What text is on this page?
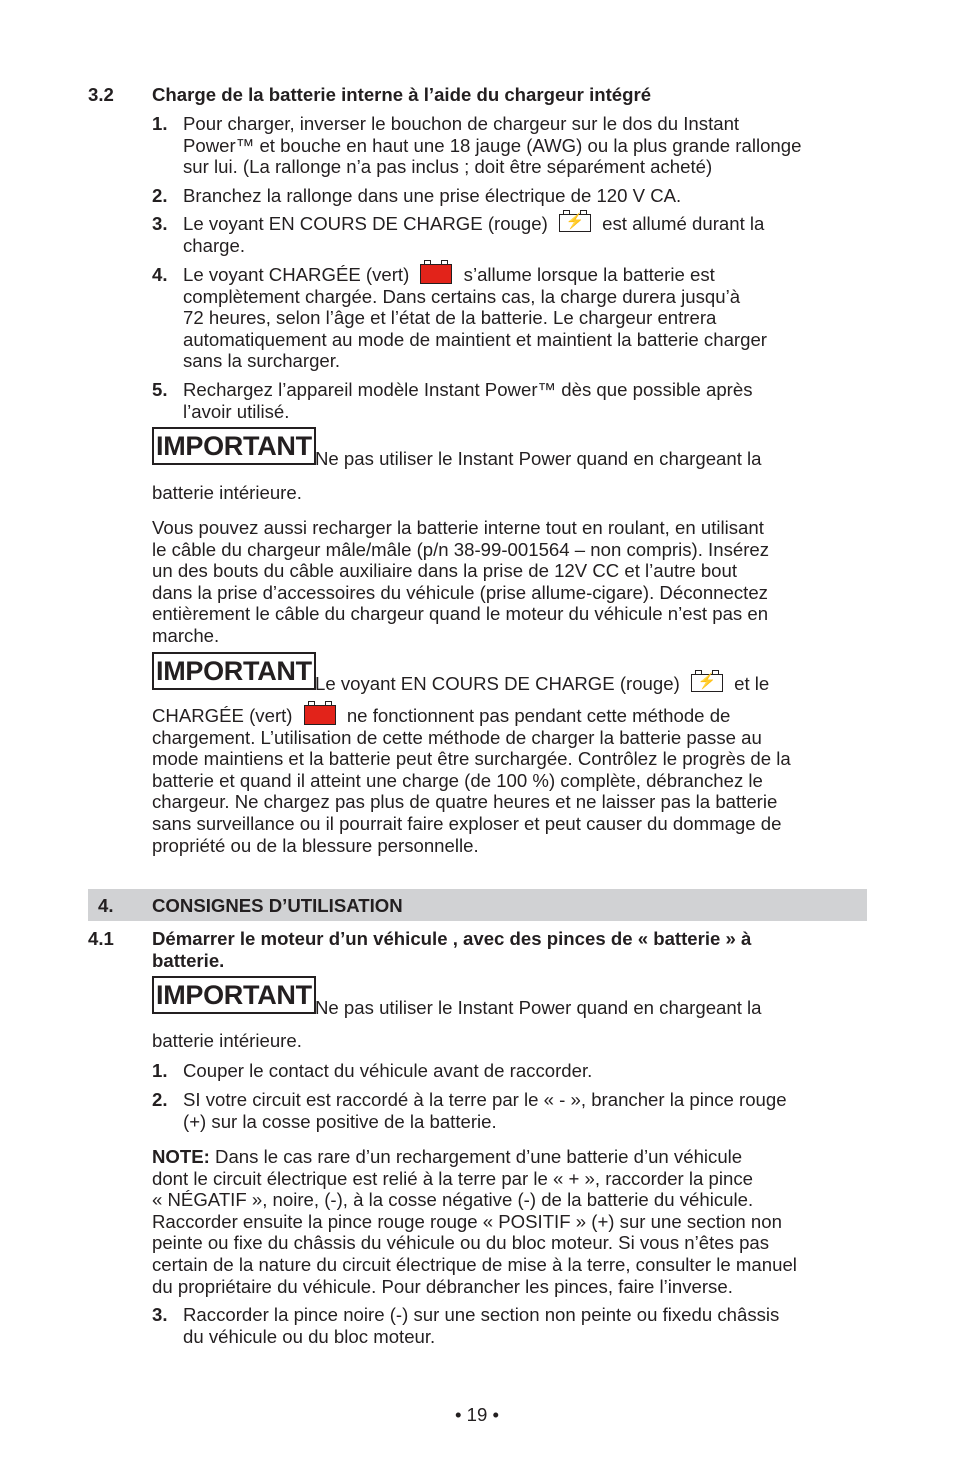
3.2 Charge de la batterie interne à l’aide du chargeur intégré
1. Pour charger, inverser le bouchon de chargeur sur le dos du Instant
Power™ et bouche en haut une 18 jauge (AWG) ou la plus grande rallonge
sur lui. (La rallonge n’a pas inclus ; doit être séparément acheté)
2. Branchez la rallonge dans une prise électrique de 120 V CA.
3. Le voyant EN COURS DE CHARGE (rouge)	⚡ est allumé durant la
charge.
4. Le voyant CHARGÉE (vert)	s’allume lorsque la batterie est
complètement chargée. Dans certains cas, la charge durera jusqu’à
72 heures, selon l’âge et l’état de la batterie. Le chargeur entrera
automatiquement au mode de maintient et maintient la batterie charger
sans la surcharger.
5. Rechargez l’appareil modèle Instant Power™ dès que possible après
l’avoir utilisé.
IMPORTANT Ne pas utiliser le Instant Power quand en chargeant la
batterie intérieure.
Vous pouvez aussi recharger la batterie interne tout en roulant, en utilisant
le câble du chargeur mâle/mâle (p/n 38-99-001564 – non compris). Insérez
un des bouts du câble auxiliaire dans la prise de 12V CC et l’autre bout
dans la prise d’accessoires du véhicule (prise allume-cigare). Déconnectez
entièrement le câble du chargeur quand le moteur du véhicule n’est pas en
marche.
IMPORTANT Le voyant EN COURS DE CHARGE (rouge)	⚡ et le
CHARGÉE (vert)	ne fonctionnent pas pendant cette méthode de
chargement. L’utilisation de cette méthode de charger la batterie passe au
mode maintiens et la batterie peut être surchargée. Contrôlez le progrès de la
batterie et quand il atteint une charge (de 100 %) complète, débranchez le
chargeur. Ne chargez pas plus de quatre heures et ne laisser pas la batterie
sans surveillance ou il pourrait faire exploser et peut causer du dommage de
propriété ou de la blessure personnelle.
4. CONSIGNES D’UTILISATION
4.1 Démarrer le moteur d’un véhicule , avec des pinces de « batterie » à
batterie.
IMPORTANT Ne pas utiliser le Instant Power quand en chargeant la
batterie intérieure.
1. Couper le contact du véhicule avant de raccorder.
2. SI votre circuit est raccordé à la terre par le « - », brancher la pince rouge
(+) sur la cosse positive de la batterie.
NOTE: Dans le cas rare d’un rechargement d’une batterie d’un véhicule
dont le circuit électrique est relié à la terre par le « + », raccorder la pince
« NÉGATIF », noire, (-), à la cosse négative (-) de la batterie du véhicule.
Raccorder ensuite la pince rouge rouge « POSITIF » (+) sur une section non
peinte ou fixe du châssis du véhicule ou du bloc moteur. Si vous n’êtes pas
certain de la nature du circuit électrique de mise à la terre, consulter le manuel
du propriétaire du véhicule. Pour débrancher les pinces, faire l’inverse.
3. Raccorder la pince noire (-) sur une section non peinte ou fixedu châssis
du véhicule ou du bloc moteur.
• 19 •
